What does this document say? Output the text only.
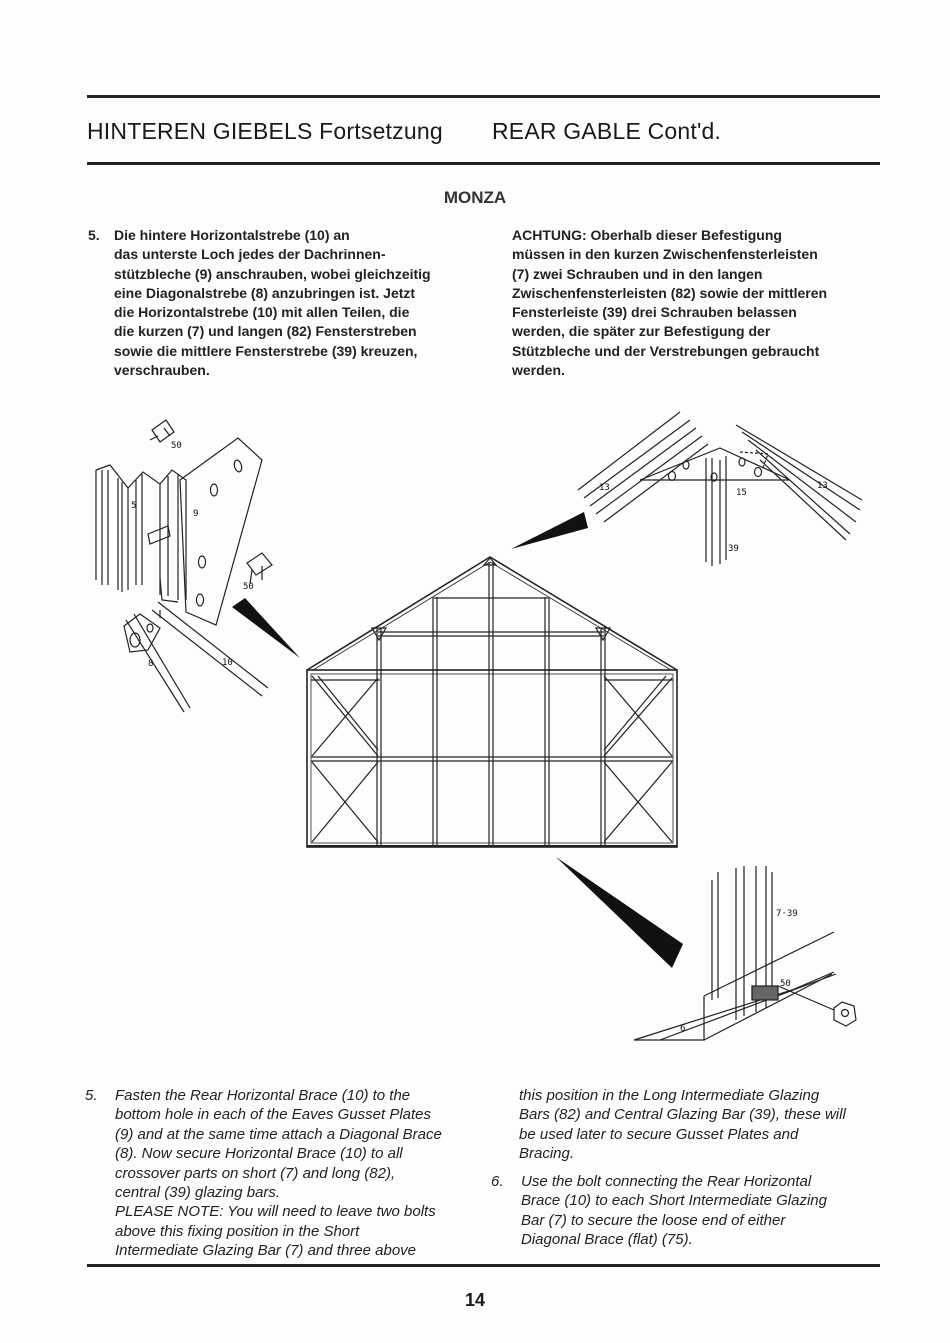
HINTEREN GIEBELS Fortsetzung REAR GABLE Cont'd.
MONZA
5. Die hintere Horizontalstrebe (10) an
das unterste Loch jedes der Dachrinnen-
stützbleche (9) anschrauben, wobei gleichzeitig
eine Diagonalstrebe (8) anzubringen ist. Jetzt
die Horizontalstrebe (10) mit allen Teilen, die
die kurzen (7) und langen (82) Fensterstreben
sowie die mittlere Fensterstrebe (39) kreuzen,
verschrauben.
ACHTUNG: Oberhalb dieser Befestigung
müssen in den kurzen Zwischenfensterleisten
(7) zwei Schrauben und in den langen
Zwischenfensterleisten (82) sowie der mittleren
Fensterleiste (39) drei Schrauben belassen
werden, die später zur Befestigung der
Stützbleche und der Verstrebungen gebraucht
werden.
50
5
9
50
8	10
13	15
13
39
7·39
50
6
5. Fasten the Rear Horizontal Brace (10) to the
bottom hole in each of the Eaves Gusset Plates
(9) and at the same time attach a Diagonal Brace
(8). Now secure Horizontal Brace (10) to all
crossover parts on short (7) and long (82),
central (39) glazing bars.
PLEASE NOTE: You will need to leave two bolts
above this fixing position in the Short
Intermediate Glazing Bar (7) and three above
this position in the Long Intermediate Glazing
Bars (82) and Central Glazing Bar (39), these will
be used later to secure Gusset Plates and
Bracing.
6. Use the bolt connecting the Rear Horizontal
Brace (10) to each Short Intermediate Glazing
Bar (7) to secure the loose end of either
Diagonal Brace (flat) (75).
14
